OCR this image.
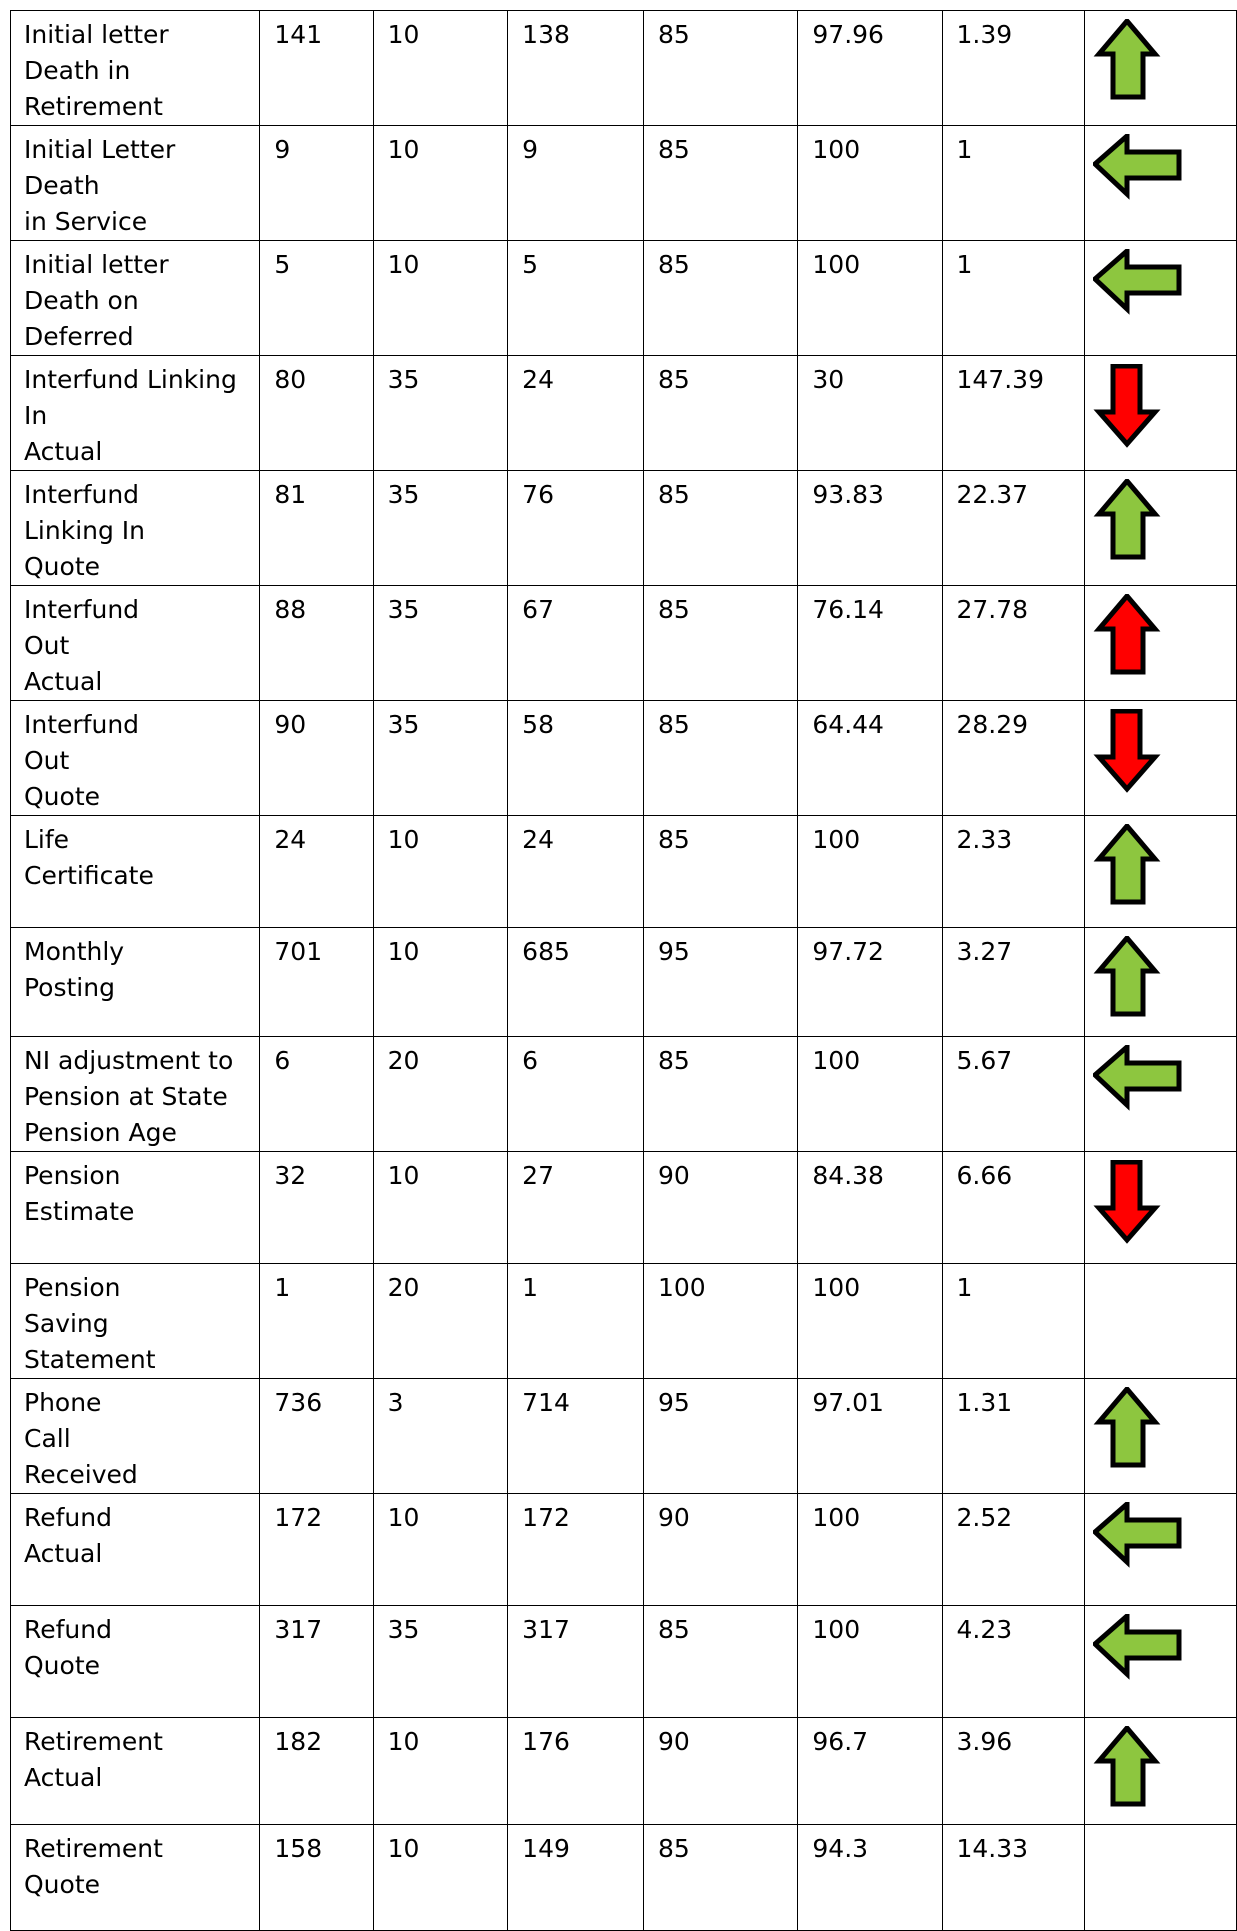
Initial letter
Death in
Retirement	141	10	138	85	97.96	1.39	

Initial Letter
Death
in Service	9	10	9	85	100	1	

Initial letter
Death on
Deferred	5	10	5	85	100	1	

Interfund Linking
In
Actual	80	35	24	85	30	147.39	

Interfund
Linking In
Quote	81	35	76	85	93.83	22.37	

Interfund
Out
Actual	88	35	67	85	76.14	27.78	

Interfund
Out
Quote	90	35	58	85	64.44	28.29	

Life
Certificate	24	10	24	85	100	2.33	

Monthly
Posting	701	10	685	95	97.72	3.27	

NI adjustment to
Pension at State
Pension Age	6	20	6	85	100	5.67	

Pension
Estimate	32	10	27	90	84.38	6.66	

Pension
Saving
Statement	1	20	1	100	100	1	
Phone
Call
Received	736	3	714	95	97.01	1.31	

Refund
Actual	172	10	172	90	100	2.52	

Refund
Quote	317	35	317	85	100	4.23	

Retirement
Actual	182	10	176	90	96.7	3.96	

Retirement Quote	158	10	149	85	94.3	14.33	
